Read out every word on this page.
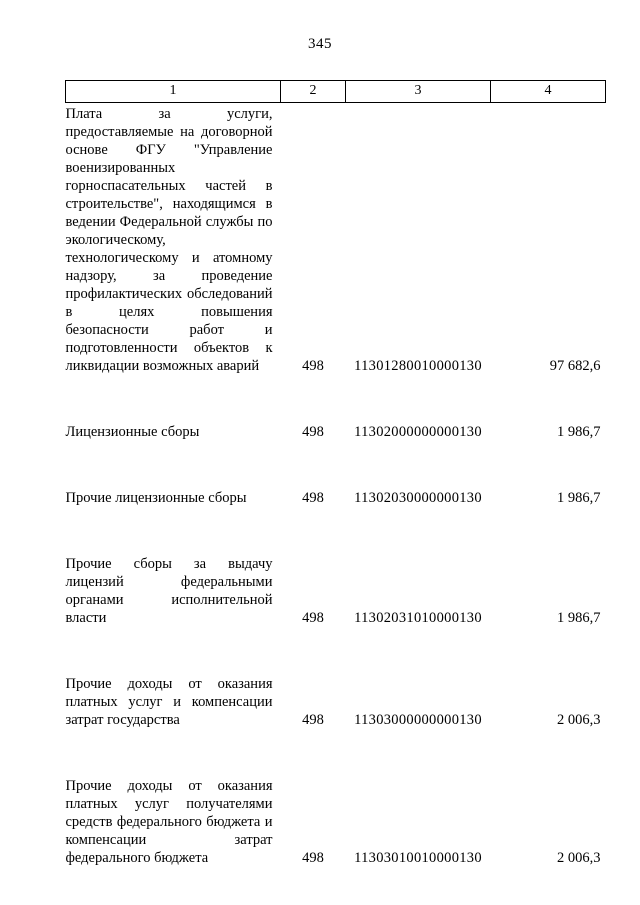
345
1	2	3	4
Плата за услуги, предоставляемые на договорной основе ФГУ "Управление военизированных горноспасательных частей в строительстве", находящимся в ведении Федеральной службы по экологическому, технологическому и атомному надзору, за проведение профилактических обследований в целях повышения безопасности работ и подготовленности объектов к ликвидации возможных аварий	498	11301280010000130	97 682,6
Лицензионные сборы	498	11302000000000130	1 986,7
Прочие лицензионные сборы	498	11302030000000130	1 986,7
Прочие сборы за выдачу лицензий федеральными органами исполнительной власти	498	11302031010000130	1 986,7
Прочие доходы от оказания платных услуг и компенсации затрат государства	498	11303000000000130	2 006,3
Прочие доходы от оказания платных услуг получателями средств федерального бюджета и компенсации затрат федерального бюджета	498	11303010010000130	2 006,3
